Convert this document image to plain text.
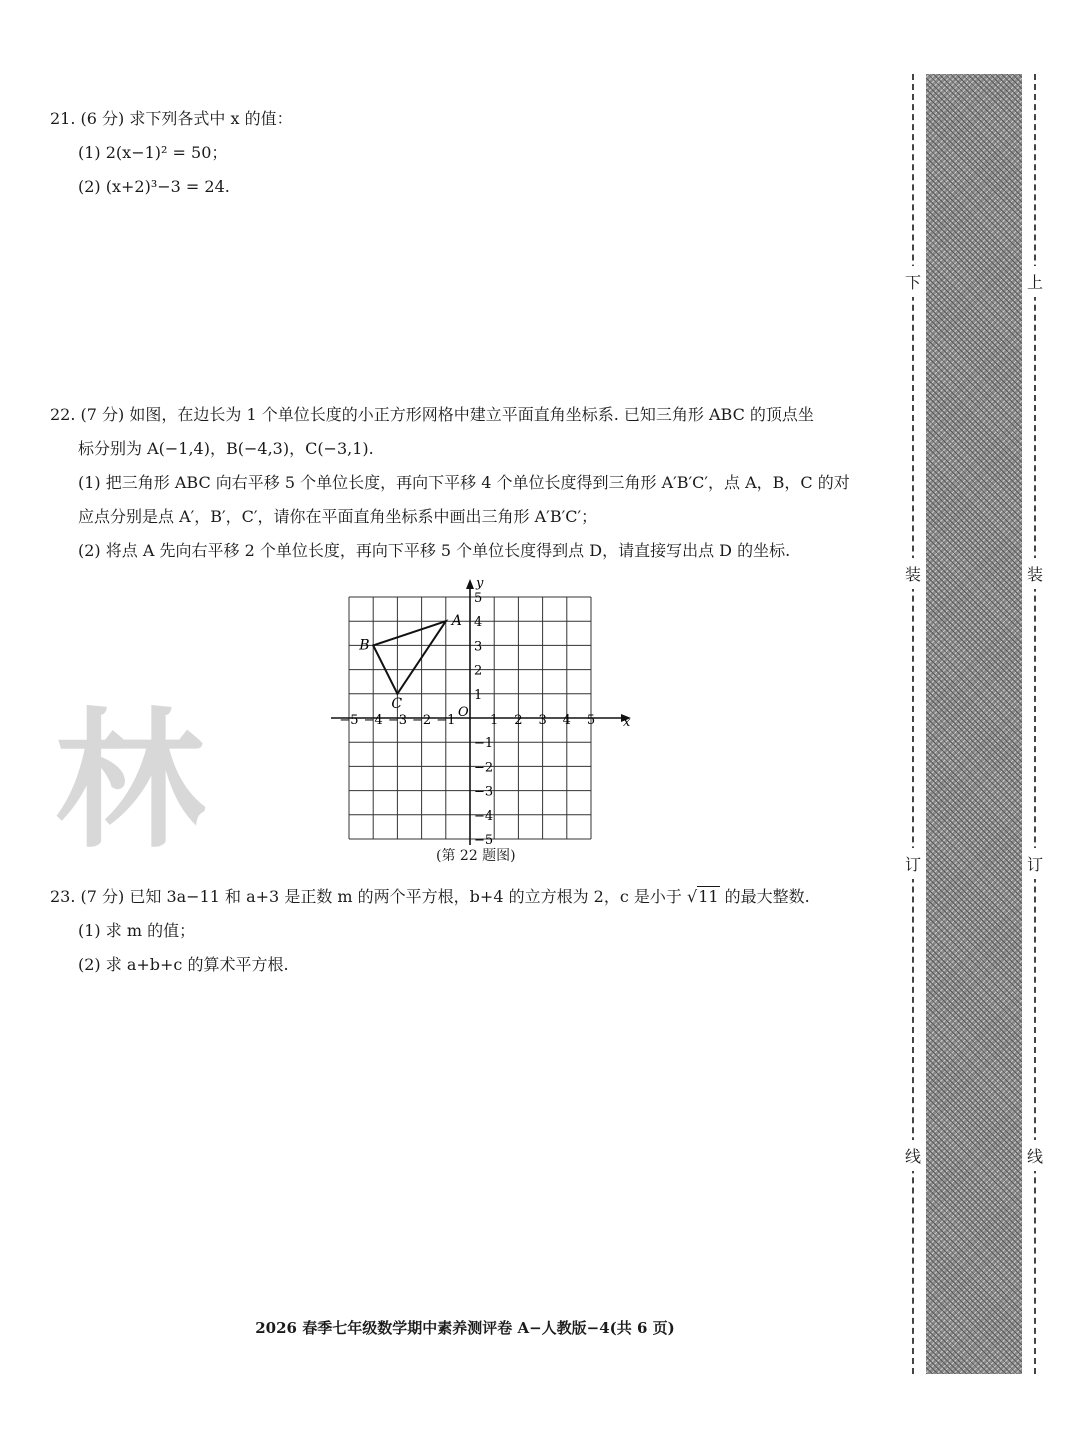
21. (6 分) 求下列各式中 x 的值：

(1) 2(x−1)² = 50；

(2) (x+2)³−3 = 24.

22. (7 分) 如图，在边长为 1 个单位长度的小正方形网格中建立平面直角坐标系. 已知三角形 ABC 的顶点坐

标分别为 A(−1,4)，B(−4,3)，C(−3,1).

(1) 把三角形 ABC 向右平移 5 个单位长度，再向下平移 4 个单位长度得到三角形 A′B′C′，点 A，B，C 的对

应点分别是点 A′，B′，C′，请你在平面直角坐标系中画出三角形 A′B′C′；

(2) 将点 A 先向右平移 2 个单位长度，再向下平移 5 个单位长度得到点 D，请直接写出点 D 的坐标.

林	x
y
O
−5 −4 −3 −2 −1	1 2 3 4 5
5
4
3
2
1
−1
−2
−3
−4
−5
A
B
C
(第 22 题图)

23. (7 分) 已知 3a−11 和 a+3 是正数 m 的两个平方根，b+4 的立方根为 2，c 是小于 √11 的最大整数.

(1) 求 m 的值；

(2) 求 a+b+c 的算术平方根.

2026 春季七年级数学期中素养测评卷 A−人教版−4(共 6 页)
下
装
订
线
上
装
订
线
